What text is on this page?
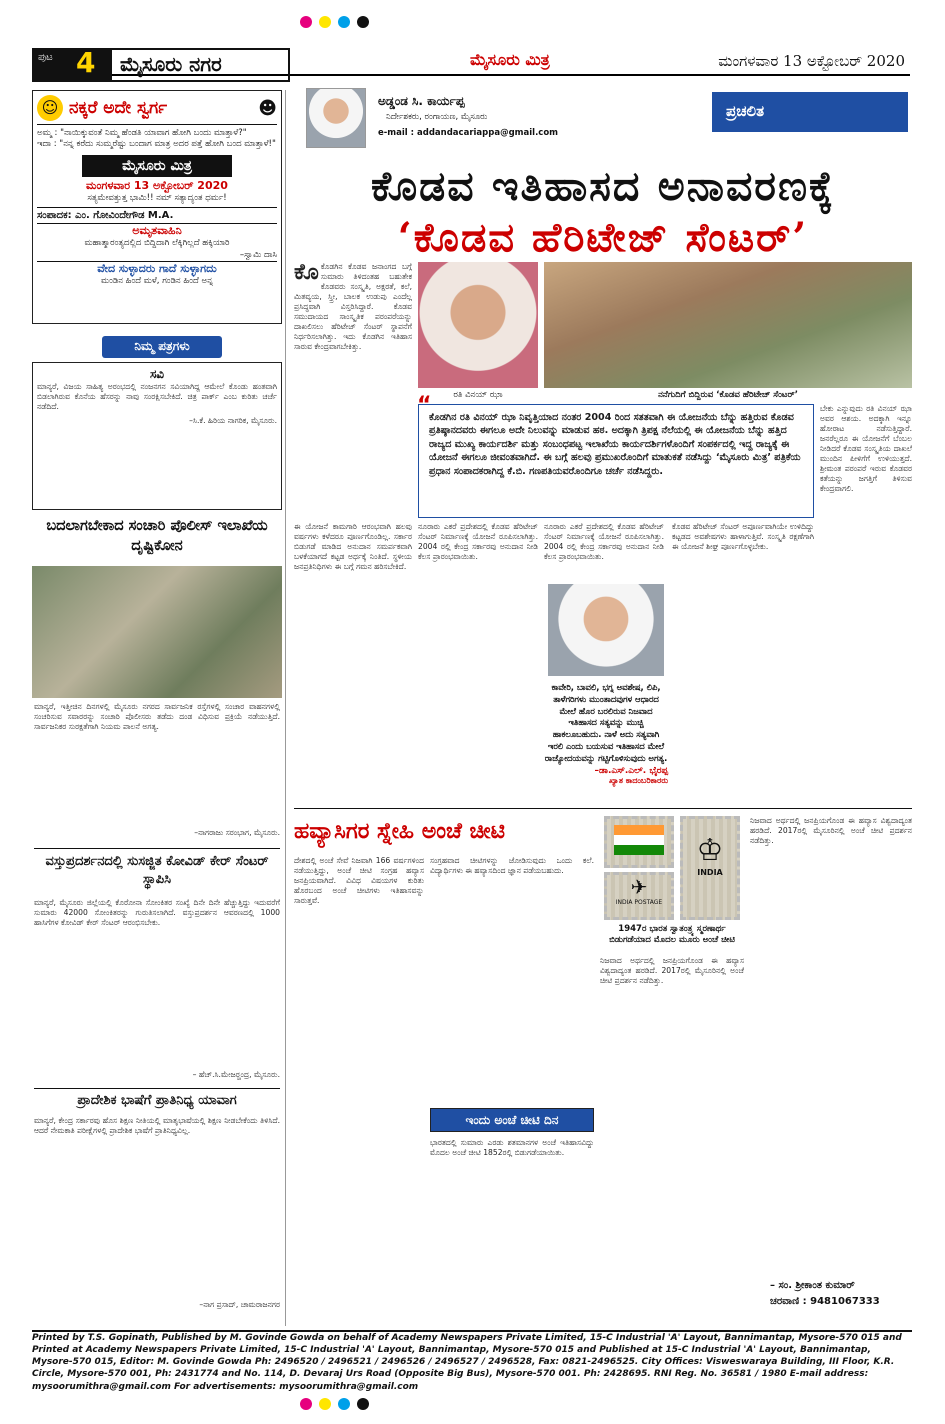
ಪುಟ 4	ಮೈಸೂರು ನಗರ	ಮೈಸೂರು ಮಿತ್ರ	ಮಂಗಳವಾರ 13 ಅಕ್ಟೋಬರ್ 2020
☺ ನಕ್ಕರೆ ಅದೇ ಸ್ವರ್ಗ	☻
ಅಮ್ಮ : "ನಾಯಿಕ್ಕುವಂತೆ ನಿಮ್ಮ ಹೆಂಡತಿ ಯಾವಾಗ ಹೋಗಿ ಬಂದು ಮಾತ್ತಾಳೆ?"
ಇದಾ : "ನನ್ನ ಕರೆದು ಸುಮ್ಮರೆಷ್ಟು ಬಂದಾಗ ಮಾತ್ರ ಅದರ ಪತ್ತೆ ಹೋಗಿ ಬಂದ ಮಾತ್ತಾಳೆ!"
ಮೈಸೂರು ಮಿತ್ರ
ಮಂಗಳವಾರ 13 ಅಕ್ಟೋಬರ್ 2020
ಸತ್ಯಮೇವತ್ತುತ್ತ ಭಾಮಿ!! ನಮ್ ಸತ್ಯಾದ್ಯಂತ ಧರ್ಮ!
ಸಂಪಾದಕ: ಎಂ. ಗೋವಿಂದೇಗೌಡ M.A.
ಅಮೃತವಾಹಿನಿ
ಮಹಾತ್ಮಾರಂತ್ಯದಲ್ಲಿದ ಬಿದ್ದಿದಾಗಿ ಲೆಕ್ಕಿಗಿಲ್ಲದೆ ಹಕ್ಕಿಯಾರಿ
–ಸ್ವಾಮಿ ದಾಸಿ
ವೇದ ಸುಳ್ಳಾದರು ಗಾದೆ ಸುಳ್ಳಾಗದು
ಮಂಡಿನ ಹಿಂದೆ ಮಳೆ, ಗಂಡಿನ ಹಿಂದೆ ಅನ್ನ
ನಿಮ್ಮ ಪತ್ರಗಳು
ಸವಿ
ಮಾನ್ಯರೆ, ವಿಜಯ ಸಾಹಿತ್ಯ ಅರಂಭದಲ್ಲಿ ನಂಜನಗನ ಸವಿಯಾಗಿದ್ದ ಆಮೇಲೆ ಕೊಂಡು ಹಂತವಾಗಿ ಬಿಡಲಾಗಿರುವ ಕೊನೆಯ ಹೆಸರನ್ನು ನಾವು ಸಂರಕ್ಷಿಸಬೇಕಿದೆ. ಚಿತ್ರ ಪಾರ್ಕ್ ಎಂಬ ಕುರಿತು ಚರ್ಚೆ ನಡೆದಿದೆ.
–ಸಿ.ಕೆ. ಹಿರಿಯ ನಾಗರಿಕ, ಮೈಸೂರು.
ಬದಲಾಗಬೇಕಾದ ಸಂಚಾರಿ ಪೊಲೀಸ್ ಇಲಾಖೆಯ ದೃಷ್ಟಿಕೋನ
ಮಾನ್ಯರೆ, ಇತ್ತೀಚಿನ ದಿನಗಳಲ್ಲಿ ಮೈಸೂರು ನಗರದ ಸಾರ್ವಜನಿಕ ರಸ್ತೆಗಳಲ್ಲಿ ಸಂಚಾರ ವಾಹನಗಳಲ್ಲಿ ಸಂಚರಿಸುವ ಸವಾರರನ್ನು ಸಂಚಾರಿ ಪೊಲೀಸರು ತಡೆದು ದಂಡ ವಿಧಿಸುವ ಪ್ರಕ್ರಿಯೆ ನಡೆಯುತ್ತಿದೆ. ಸಾರ್ವಜನಿಕರ ಸುರಕ್ಷತೆಗಾಗಿ ನಿಯಮ ಪಾಲನೆ ಅಗತ್ಯ.
–ನಾಗರಾಜು ಸರಂಭಾಗ, ಮೈಸೂರು.
ವಸ್ತುಪ್ರದರ್ಶನದಲ್ಲಿ ಸುಸಜ್ಜಿತ ಕೋವಿಡ್ ಕೇರ್ ಸೆಂಟರ್ ಸ್ಥಾಪಿಸಿ
ಮಾನ್ಯರೆ, ಮೈಸೂರು ಜಿಲ್ಲೆಯಲ್ಲಿ ಕೊರೋನಾ ಸೋಂಕಿತರ ಸಂಖ್ಯೆ ದಿನೇ ದಿನೇ ಹೆಚ್ಚುತ್ತಿದ್ದು ಇದುವರೆಗೆ ಸುಮಾರು 42000 ಸೋಂಕಿತರನ್ನು ಗುರುತಿಸಲಾಗಿದೆ. ವಸ್ತುಪ್ರದರ್ಶನ ಆವರಣದಲ್ಲಿ 1000 ಹಾಸಿಗೆಗಳ ಕೋವಿಡ್ ಕೇರ್ ಸೆಂಟರ್ ಆರಂಭಿಸಬೇಕು.
– ಹೆಚ್.ಸಿ.ಮೇಜರ್‍ಚಂದ್ರ, ಮೈಸೂರು.
ಪ್ರಾದೇಶಿಕ ಭಾಷೆಗೆ ಪ್ರಾತಿನಿಧ್ಯ ಯಾವಾಗ
ಮಾನ್ಯರೆ, ಕೇಂದ್ರ ಸರ್ಕಾರವು ಹೊಸ ಶಿಕ್ಷಣ ನೀತಿಯಲ್ಲಿ ಮಾತೃಭಾಷೆಯಲ್ಲಿ ಶಿಕ್ಷಣ ನೀಡಬೇಕೆಂದು ತಿಳಿಸಿದೆ. ಆದರೆ ನೇಮಕಾತಿ ಪರೀಕ್ಷೆಗಳಲ್ಲಿ ಪ್ರಾದೇಶಿಕ ಭಾಷೆಗೆ ಪ್ರಾತಿನಿಧ್ಯವಿಲ್ಲ.
–ನಾಗ ಪ್ರಸಾದ್, ಚಾಮರಾಜನಗರ
ಅಡ್ಡಂಡ ಸಿ. ಕಾರ್ಯಪ್ಪ
ನಿರ್ದೇಶಕರು, ರಂಗಾಯಣ, ಮೈಸೂರು
e-mail : addandacariappa@gmail.com
ಪ್ರಚಲಿತ
ಕೊಡವ ಇತಿಹಾಸದ ಅನಾವರಣಕ್ಕೆ
‘ಕೊಡವ ಹೆರಿಟೇಜ್ ಸೆಂಟರ್’
ಕೊಕೊಡಗಿನ ಕೊಡವ ಜನಾಂಗದ ಬಗ್ಗೆ ಸುಮಾರು ತಿಳಿದಂತಹ ಬಹುತೇಕ ಕೊಡವರು ಸಂಸ್ಕೃತಿ, ಅಕ್ಷರತೆ, ಕಲೆ, ಮಿತವ್ಯಯ, ಸ್ತ್ರೀ, ಬಾಲಕ ಉಡುಪು ಎಂದೆಲ್ಲ ಪ್ರಸಿದ್ಧವಾಗಿ ವಿಸ್ತರಿಸಿದ್ದಾರೆ. ಕೊಡವ ಸಮುದಾಯದ ಸಾಂಸ್ಕೃತಿಕ ಪರಂಪರೆಯನ್ನು ದಾಖಲಿಸಲು ಹೆರಿಟೇಜ್ ಸೆಂಟರ್ ಸ್ಥಾಪನೆಗೆ ನಿರ್ಧರಿಸಲಾಗಿತ್ತು. ಇದು ಕೊಡಗಿನ ಇತಿಹಾಸ ಸಾರುವ ಕೇಂದ್ರವಾಗಬೇಕಿತ್ತು.
ರತಿ ವಿನಯ್ ಝಾ	ನನೆಗುದಿಗೆ ಬಿದ್ದಿರುವ ‘ಕೊಡವ ಹೆರಿಟೇಜ್ ಸೆಂಟರ್’
“
ಕೊಡಗಿನ ರತಿ ವಿನಯ್ ಝಾ ನಿವೃತ್ತಿಯಾದ ನಂತರ 2004 ರಿಂದ ಸತತವಾಗಿ ಈ ಯೋಜನೆಯ ಬೆನ್ನು ಹತ್ತಿರುವ ಕೊಡವ ಪ್ರತಿಷ್ಠಾನದವರು ಈಗಲೂ ಅದೇ ನಿಲುವನ್ನು ಮಾಡುವ ಹಠ. ಅದಕ್ಕಾಗಿ ತ್ರಿಪಕ್ಷ ನೆಲೆಯಲ್ಲಿ ಈ ಯೋಜನೆಯ ಬೆನ್ನು ಹತ್ತಿದ ರಾಜ್ಯದ ಮುಖ್ಯ ಕಾರ್ಯದರ್ಶಿ ಮತ್ತು ಸಂಬಂಧಪಟ್ಟ ಇಲಾಖೆಯ ಕಾರ್ಯದರ್ಶಿಗಳೊಂದಿಗೆ ಸಂಪರ್ಕದಲ್ಲಿ ಇದ್ದ ರಾಜ್ಯಕ್ಕೆ ಈ ಯೋಜನೆ ಈಗಲೂ ಜೀವಂತವಾಗಿದೆ. ಈ ಬಗ್ಗೆ ಹಲವು ಪ್ರಮುಖರೊಂದಿಗೆ ಮಾತುಕತೆ ನಡೆಸಿದ್ದು ‘ಮೈಸೂರು ಮಿತ್ರ’ ಪತ್ರಿಕೆಯ ಪ್ರಧಾನ ಸಂಪಾದಕರಾಗಿದ್ದ ಕೆ.ಬಿ. ಗಣಪತಿಯವರೊಂದಿಗೂ ಚರ್ಚೆ ನಡೆಸಿದ್ದರು.
ಬೇಕು ಎನ್ನುವುದು ರತಿ ವಿನಯ್ ಝಾ ಅವರ ಆಶಯ. ಅದಕ್ಕಾಗಿ ಇನ್ನೂ ಹೋರಾಟ ನಡೆಸುತ್ತಿದ್ದಾರೆ. ಜನರೆಲ್ಲರೂ ಈ ಯೋಜನೆಗೆ ಬೆಂಬಲ ನೀಡಿದರೆ ಕೊಡವ ಸಂಸ್ಕೃತಿಯ ದಾಖಲೆ ಮುಂದಿನ ಪೀಳಿಗೆಗೆ ಉಳಿಯುತ್ತದೆ. ಶ್ರೀಮಂತ ಪರಂಪರೆ ಇರುವ ಕೊಡವರ ಕತೆಯನ್ನು ಜಗತ್ತಿಗೆ ತಿಳಿಸುವ ಕೇಂದ್ರವಾಗಲಿ.
ಈ ಯೋಜನೆ ಕಾಮಗಾರಿ ಆರಂಭವಾಗಿ ಹಲವು ವರ್ಷಗಳು ಕಳೆದರೂ ಪೂರ್ಣಗೊಂಡಿಲ್ಲ. ಸರ್ಕಾರ ಬಿಡುಗಡೆ ಮಾಡಿದ ಅನುದಾನ ಸಮರ್ಪಕವಾಗಿ ಬಳಕೆಯಾಗದೆ ಕಟ್ಟಡ ಅರ್ಧಕ್ಕೆ ನಿಂತಿದೆ. ಸ್ಥಳೀಯ ಜನಪ್ರತಿನಿಧಿಗಳು ಈ ಬಗ್ಗೆ ಗಮನ ಹರಿಸಬೇಕಿದೆ.
ನೂರಾರು ಎಕರೆ ಪ್ರದೇಶದಲ್ಲಿ ಕೊಡವ ಹೆರಿಟೇಜ್ ಸೆಂಟರ್ ನಿರ್ಮಾಣಕ್ಕೆ ಯೋಜನೆ ರೂಪಿಸಲಾಗಿತ್ತು. 2004 ರಲ್ಲಿ ಕೇಂದ್ರ ಸರ್ಕಾರವು ಅನುದಾನ ನೀಡಿ ಕೆಲಸ ಪ್ರಾರಂಭವಾಯಿತು.
ನೂರಾರು ಎಕರೆ ಪ್ರದೇಶದಲ್ಲಿ ಕೊಡವ ಹೆರಿಟೇಜ್ ಸೆಂಟರ್ ನಿರ್ಮಾಣಕ್ಕೆ ಯೋಜನೆ ರೂಪಿಸಲಾಗಿತ್ತು. 2004 ರಲ್ಲಿ ಕೇಂದ್ರ ಸರ್ಕಾರವು ಅನುದಾನ ನೀಡಿ ಕೆಲಸ ಪ್ರಾರಂಭವಾಯಿತು.
ಕಾವೇರಿ, ಬಾವಲಿ, ಭಗ್ನ ಅವಶೇಷ, ಲಿಪಿ, ತಾಳೆಗರಿಗಳು ಮುಂತಾದವುಗಳ ಆಧಾರದ ಮೇಲೆ ಹೊರ ಬರಲಿರುವ ನಿಜವಾದ ಇತಿಹಾಸದ ಸತ್ಯವನ್ನು ಮುಚ್ಚಿ ಹಾಕಲೂಬಹುದು. ನಾಳೆ ಅದು ಸತ್ಯವಾಗಿ ಇರಲಿ ಎಂದು ಬಯಸುವ ಇತಿಹಾಸದ ಮೇಲೆ ರಾಜ್ಯೋದಯವನ್ನು ಗಟ್ಟಿಗೊಳಿಸುವುದು ಅಗತ್ಯ.
–ಡಾ.ಎಸ್.ಎಲ್. ಭೈರಪ್ಪ
ಖ್ಯಾತ ಕಾದಂಬರಿಕಾರರು
ಕೊಡವ ಹೆರಿಟೇಜ್ ಸೆಂಟರ್ ಅಪೂರ್ಣವಾಗಿಯೇ ಉಳಿದಿದ್ದು ಕಟ್ಟಡದ ಅವಶೇಷಗಳು ಹಾಳಾಗುತ್ತಿವೆ. ಸಂಸ್ಕೃತಿ ರಕ್ಷಣೆಗಾಗಿ ಈ ಯೋಜನೆ ಶೀಘ್ರ ಪೂರ್ಣಗೊಳ್ಳಬೇಕು.
ಹವ್ಯಾಸಿಗರ ಸ್ನೇಹಿ ಅಂಚೆ ಚೀಟಿ
ದೇಶದಲ್ಲಿ ಅಂಚೆ ಸೇವೆ ನಿಜವಾಗಿ 166 ವರ್ಷಗಳಿಂದ ನಡೆಯುತ್ತಿದ್ದು, ಅಂಚೆ ಚೀಟಿ ಸಂಗ್ರಹ ಹವ್ಯಾಸ ಜನಪ್ರಿಯವಾಗಿದೆ. ವಿವಿಧ ವಿಷಯಗಳ ಕುರಿತು ಹೊರಬಂದ ಅಂಚೆ ಚೀಟಿಗಳು ಇತಿಹಾಸವನ್ನು ಸಾರುತ್ತವೆ.
ಸಂಗ್ರಹವಾದ ಚೀಟಿಗಳನ್ನು ಜೋಡಿಸುವುದು ಒಂದು ಕಲೆ. ವಿದ್ಯಾರ್ಥಿಗಳು ಈ ಹವ್ಯಾಸದಿಂದ ಜ್ಞಾನ ಪಡೆಯಬಹುದು.
ಇಂದು ಅಂಚೆ ಚೀಟಿ ದಿನ
ಭಾರತದಲ್ಲಿ ಸುಮಾರು ಎರಡು ಶತಮಾನಗಳ ಅಂಚೆ ಇತಿಹಾಸವಿದ್ದು ಮೊದಲ ಅಂಚೆ ಚೀಟಿ 1852ರಲ್ಲಿ ಬಿಡುಗಡೆಯಾಯಿತು.
✈
INDIA POSTAGE
♔
INDIA
1947ರ ಭಾರತ ಸ್ವಾತಂತ್ರ್ಯ ಸ್ಮರಣಾರ್ಥ ಬಿಡುಗಡೆಯಾದ ಮೊದಲ ಮೂರು ಅಂಚೆ ಚೀಟಿ
ನಿಜವಾದ ಅರ್ಥದಲ್ಲಿ ಜನಪ್ರಿಯಗೊಂಡ ಈ ಹವ್ಯಾಸ ವಿಶ್ವದಾದ್ಯಂತ ಹರಡಿದೆ. 2017ರಲ್ಲಿ ಮೈಸೂರಿನಲ್ಲಿ ಅಂಚೆ ಚೀಟಿ ಪ್ರದರ್ಶನ ನಡೆದಿತ್ತು.
ನಿಜವಾದ ಅರ್ಥದಲ್ಲಿ ಜನಪ್ರಿಯಗೊಂಡ ಈ ಹವ್ಯಾಸ ವಿಶ್ವದಾದ್ಯಂತ ಹರಡಿದೆ. 2017ರಲ್ಲಿ ಮೈಸೂರಿನಲ್ಲಿ ಅಂಚೆ ಚೀಟಿ ಪ್ರದರ್ಶನ ನಡೆದಿತ್ತು.
– ಸಂ. ಶ್ರೀಕಾಂತ ಕುಮಾರ್
ಚರವಾಣಿ : 9481067333
Printed by T.S. Gopinath, Published by M. Govinde Gowda on behalf of Academy Newspapers Private Limited, 15-C Industrial 'A' Layout, Bannimantap, Mysore-570 015 and Printed at Academy Newspapers Private Limited, 15-C Industrial 'A' Layout, Bannimantap, Mysore-570 015 and Published at 15-C Industrial 'A' Layout, Bannimantap, Mysore-570 015, Editor: M. Govinde Gowda Ph: 2496520 / 2496521 / 2496526 / 2496527 / 2496528, Fax: 0821-2496525. City Offices: Visweswaraya Building, III Floor, K.R. Circle, Mysore-570 001, Ph: 2431774 and No. 114, D. Devaraj Urs Road (Opposite Big Bus), Mysore-570 001. Ph: 2428695. RNI Reg. No. 36581 / 1980 E-mail address: mysoorumithra@gmail.com For advertisements: mysoorumithra@gmail.com
